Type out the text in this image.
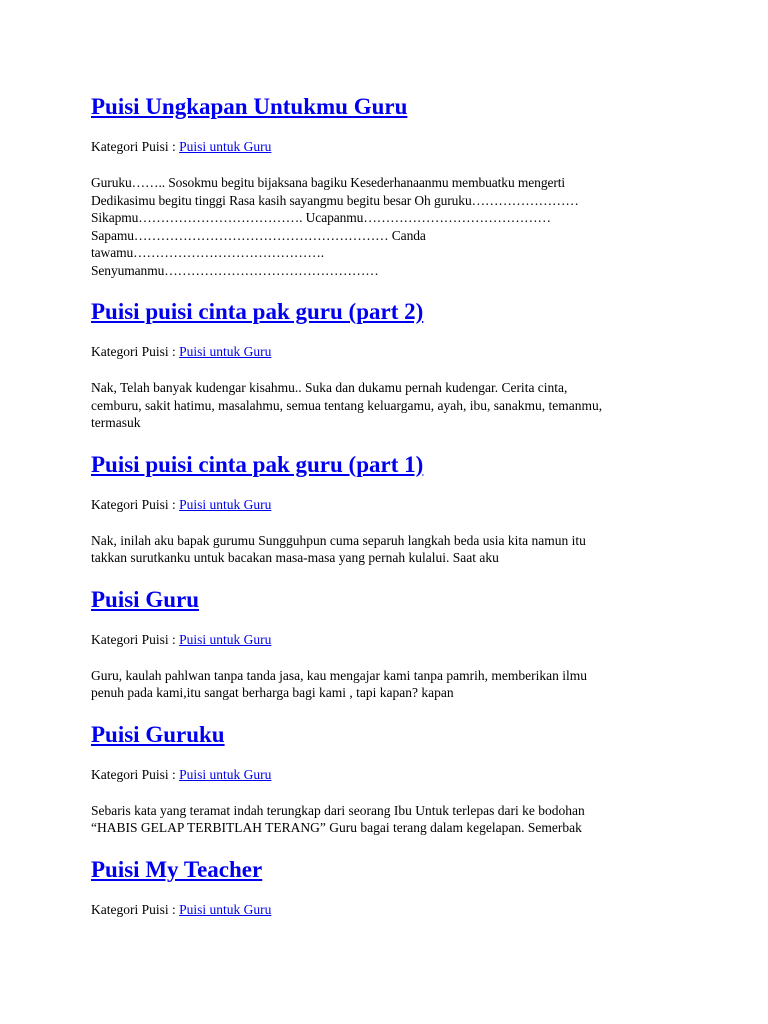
Puisi Ungkapan Untukmu Guru
Kategori Puisi : Puisi untuk Guru
Guruku…….. Sosokmu begitu bijaksana bagiku Kesederhanaanmu membuatku mengerti
Dedikasimu begitu tinggi Rasa kasih sayangmu begitu besar Oh guruku……………………
Sikapmu………………………………. Ucapanmu……………………………………
Sapamu………………………………………………… Canda
tawamu…………………………………….
Senyumanmu…………………………………………
Puisi puisi cinta pak guru (part 2)
Kategori Puisi : Puisi untuk Guru
Nak, Telah banyak kudengar kisahmu.. Suka dan dukamu pernah kudengar. Cerita cinta,
cemburu, sakit hatimu, masalahmu, semua tentang keluargamu, ayah, ibu, sanakmu, temanmu,
termasuk
Puisi puisi cinta pak guru (part 1)
Kategori Puisi : Puisi untuk Guru
Nak, inilah aku bapak gurumu Sungguhpun cuma separuh langkah beda usia kita namun itu
takkan surutkanku untuk bacakan masa-masa yang pernah kulalui. Saat aku
Puisi Guru
Kategori Puisi : Puisi untuk Guru
Guru, kaulah pahlwan tanpa tanda jasa, kau mengajar kami tanpa pamrih, memberikan ilmu
penuh pada kami,itu sangat berharga bagi kami , tapi kapan? kapan
Puisi Guruku
Kategori Puisi : Puisi untuk Guru
Sebaris kata yang teramat indah terungkap dari seorang Ibu Untuk terlepas dari ke bodohan
“HABIS GELAP TERBITLAH TERANG” Guru bagai terang dalam kegelapan. Semerbak
Puisi My Teacher
Kategori Puisi : Puisi untuk Guru
